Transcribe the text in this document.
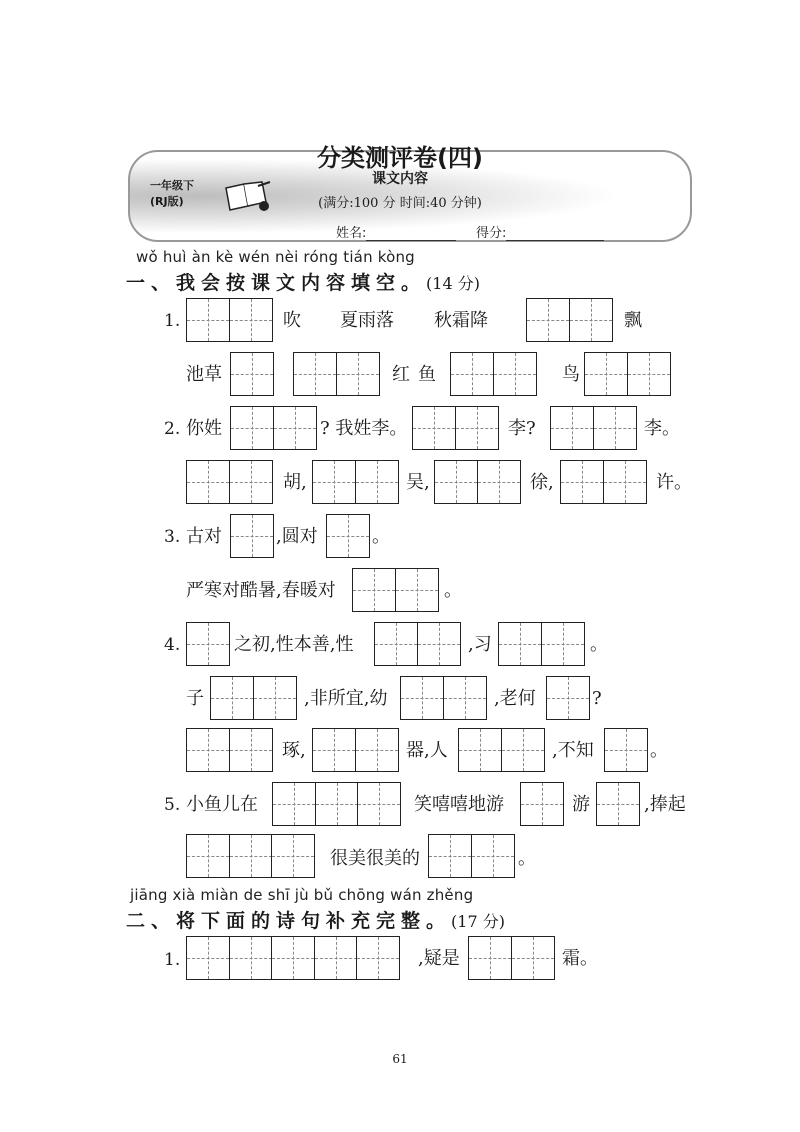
一年级下
(RJ版)
分类测评卷(四)
课文内容
(满分:100 分 时间:40 分钟)
姓名:	得分:
wǒ huì àn kè wén nèi róng tián kòng
一、我会按课文内容填空。(14 分)
1.	吹 夏雨落 秋霜降	飘
池草	红 鱼	鸟
2. 你姓	? 我姓李。	李?	李。
胡,	吴,	徐,	许。
3. 古对	,圆对	。
严寒对酷暑,春暖对	。
4.	之初,性本善,性	,习	。
子	,非所宜,幼	,老何	?
琢,	器,人	,不知	。
5. 小鱼儿在	笑嘻嘻地游	游	,捧起
很美很美的	。
jiāng xià miàn de shī jù bǔ chōng wán zhěng
二、将下面的诗句补充完整。(17 分)
1.	,疑是	霜。
61
